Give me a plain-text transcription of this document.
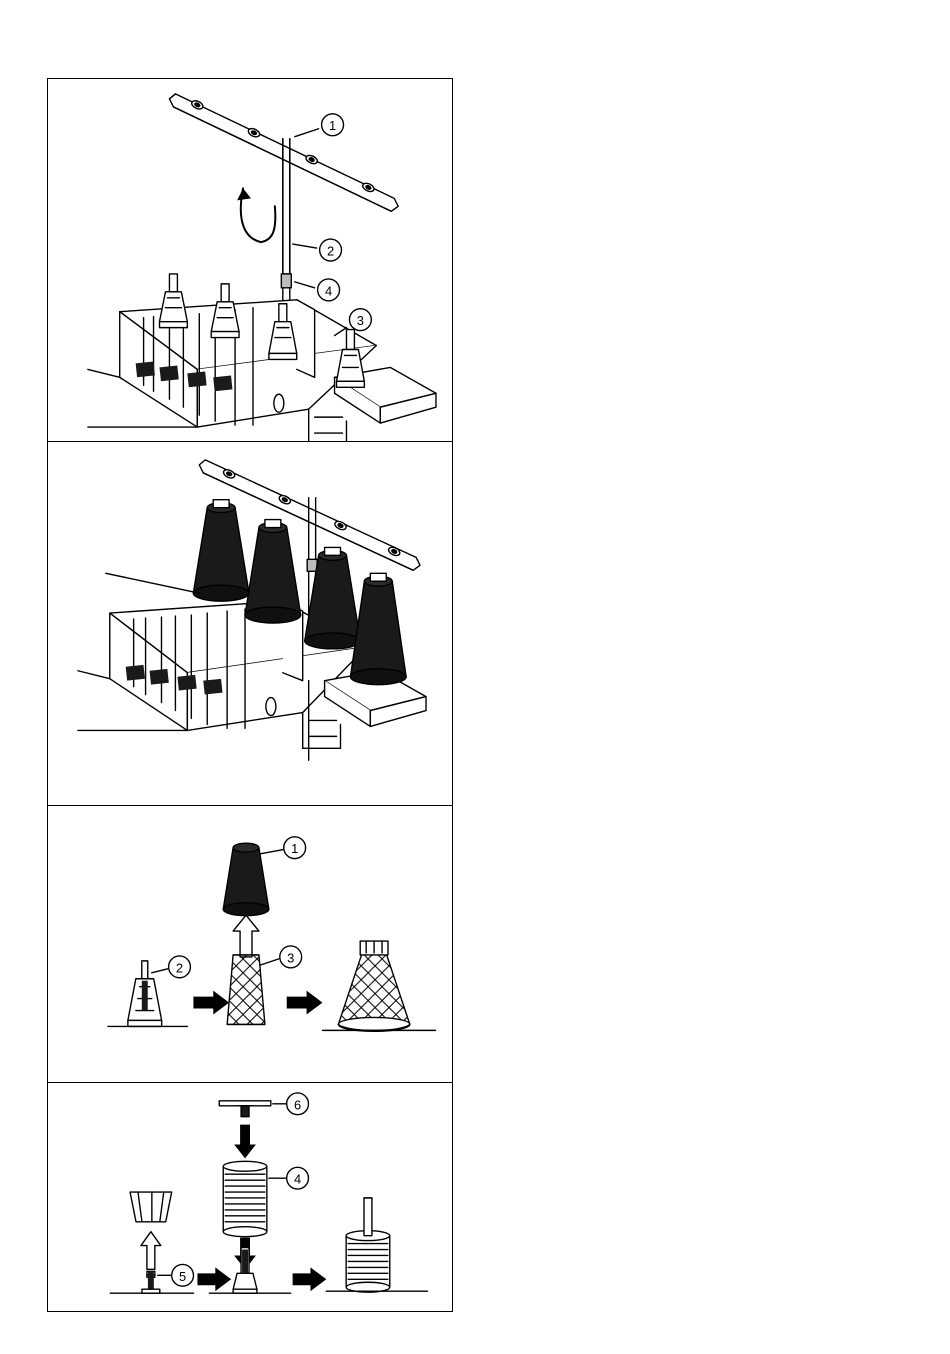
1
2
4
3
1
3
2
6
4
5
